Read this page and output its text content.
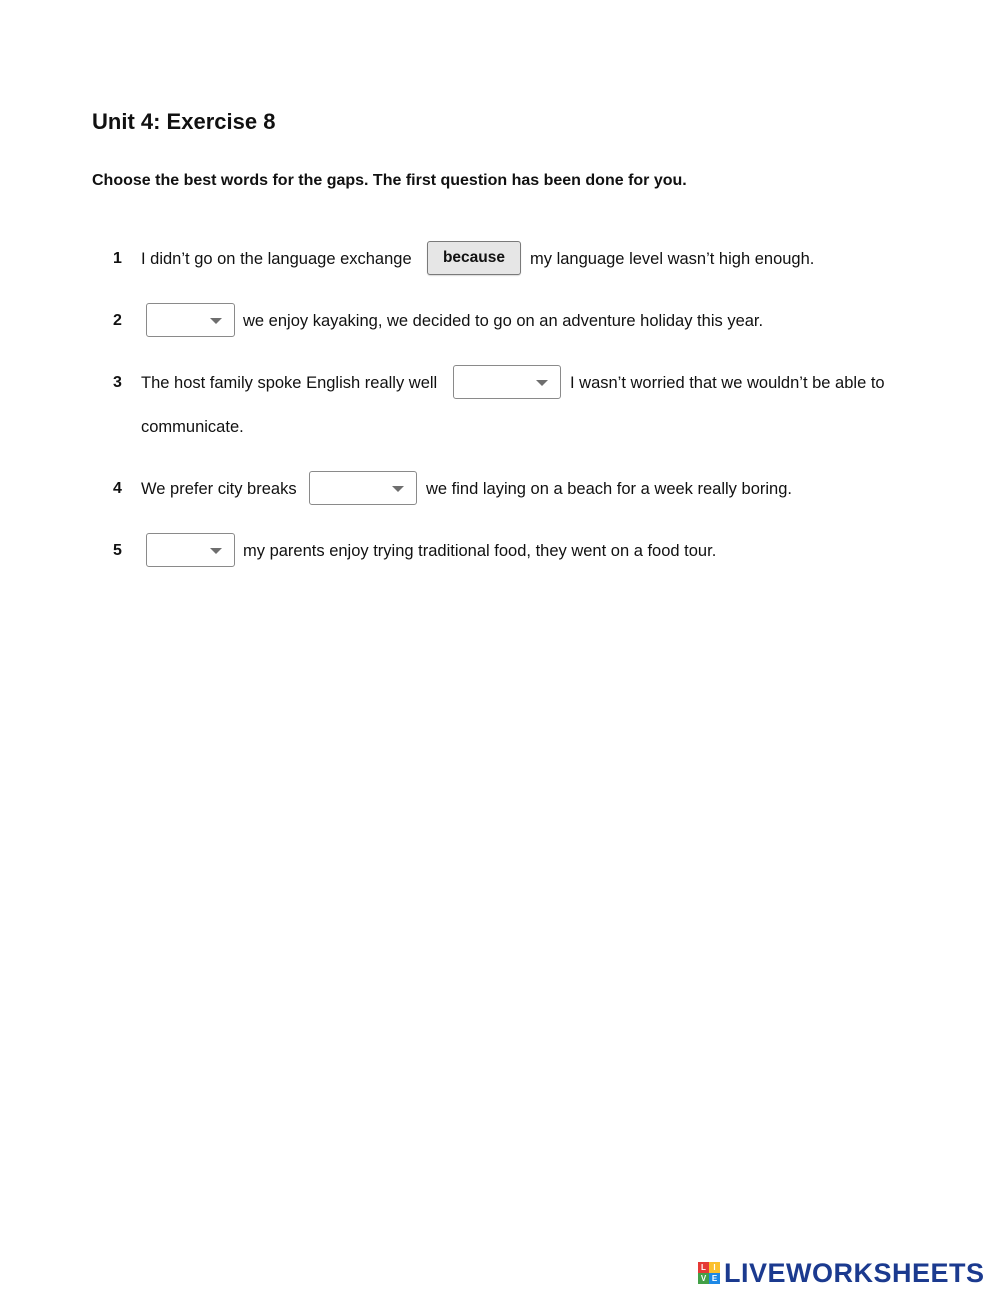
Unit 4: Exercise 8

Choose the best words for the gaps. The first question has been done for you.

1 I didn’t go on the language exchange	because	my language level wasn’t high enough.
2	we enjoy kayaking, we decided to go on an adventure holiday this year.
3 The host family spoke English really well	I wasn’t worried that we wouldn’t be able to
communicate.
4 We prefer city breaks	we find laying on a beach for a week really boring.
5	my parents enjoy trying traditional food, they went on a food tour.
L I
V E LIVEWORKSHEETS
